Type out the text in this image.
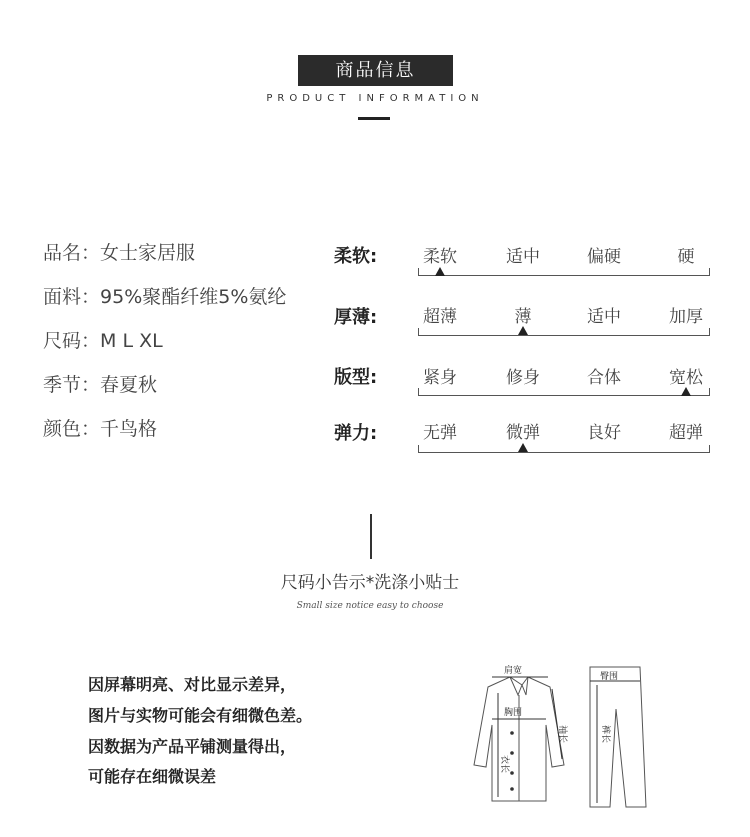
商品信息
PRODUCT INFORMATION
品名：女士家居服
面料：95%聚酯纤维5%氨纶
尺码：M L XL
季节：春夏秋
颜色：千鸟格
柔软:	柔软	适中	偏硬	硬
厚薄:	超薄	薄	适中	加厚
版型:	紧身	修身	合体	宽松
弹力:	无弹	微弹	良好	超弹
尺码小告示*洗涤小贴士
Small size notice easy to choose
因屏幕明亮、对比显示差异，
图片与实物可能会有细微色差。
因数据为产品平铺测量得出，
可能存在细微误差
肩宽
胸围
衣长
袖长
臀围
裤长
